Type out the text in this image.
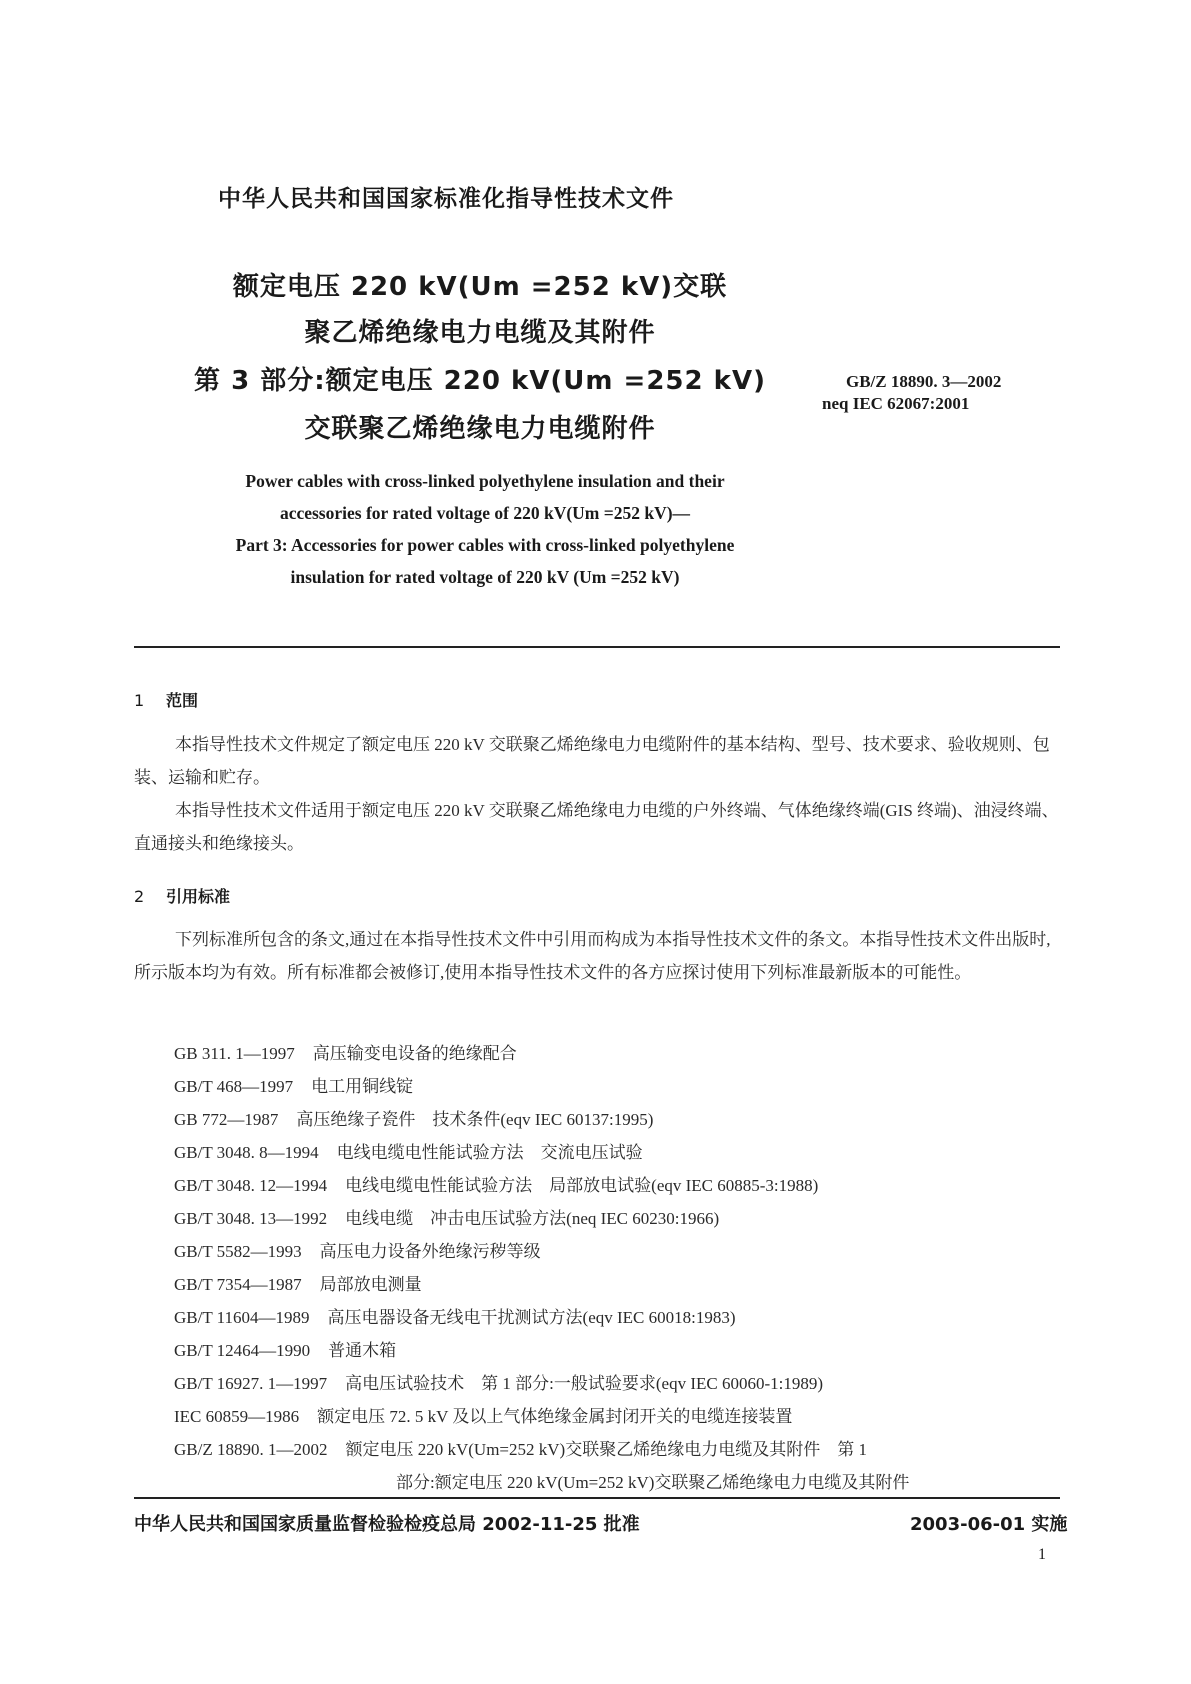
中华人民共和国国家标准化指导性技术文件
额定电压 220 kV(Um =252 kV)交联
聚乙烯绝缘电力电缆及其附件
第 3 部分:额定电压 220 kV(Um =252 kV)
交联聚乙烯绝缘电力电缆附件
GB/Z 18890. 3—2002
neq IEC 62067:2001
Power cables with cross-linked polyethylene insulation and their
accessories for rated voltage of 220 kV(Um =252 kV)—
Part 3: Accessories for power cables with cross-linked polyethylene
insulation for rated voltage of 220 kV (Um =252 kV)
1 范围
本指导性技术文件规定了额定电压 220 kV 交联聚乙烯绝缘电力电缆附件的基本结构、型号、技术要求、验收规则、包装、运输和贮存。
本指导性技术文件适用于额定电压 220 kV 交联聚乙烯绝缘电力电缆的户外终端、气体绝缘终端(GIS 终端)、油浸终端、直通接头和绝缘接头。
2 引用标准
下列标准所包含的条文,通过在本指导性技术文件中引用而构成为本指导性技术文件的条文。本指导性技术文件出版时,所示版本均为有效。所有标准都会被修订,使用本指导性技术文件的各方应探讨使用下列标准最新版本的可能性。
GB 311. 1—1997 高压输变电设备的绝缘配合
GB/T 468—1997 电工用铜线锭
GB 772—1987 高压绝缘子瓷件　技术条件(eqv IEC 60137:1995)
GB/T 3048. 8—1994 电线电缆电性能试验方法　交流电压试验
GB/T 3048. 12—1994 电线电缆电性能试验方法　局部放电试验(eqv IEC 60885-3:1988)
GB/T 3048. 13—1992 电线电缆　冲击电压试验方法(neq IEC 60230:1966)
GB/T 5582—1993 高压电力设备外绝缘污秽等级
GB/T 7354—1987 局部放电测量
GB/T 11604—1989 高压电器设备无线电干扰测试方法(eqv IEC 60018:1983)
GB/T 12464—1990 普通木箱
GB/T 16927. 1—1997 高电压试验技术　第 1 部分:一般试验要求(eqv IEC 60060-1:1989)
IEC 60859—1986 额定电压 72. 5 kV 及以上气体绝缘金属封闭开关的电缆连接装置
GB/Z 18890. 1—2002 额定电压 220 kV(Um=252 kV)交联聚乙烯绝缘电力电缆及其附件　第 1
部分:额定电压 220 kV(Um=252 kV)交联聚乙烯绝缘电力电缆及其附件
中华人民共和国国家质量监督检验检疫总局 2002-11-25 批准	2003-06-01 实施
1
